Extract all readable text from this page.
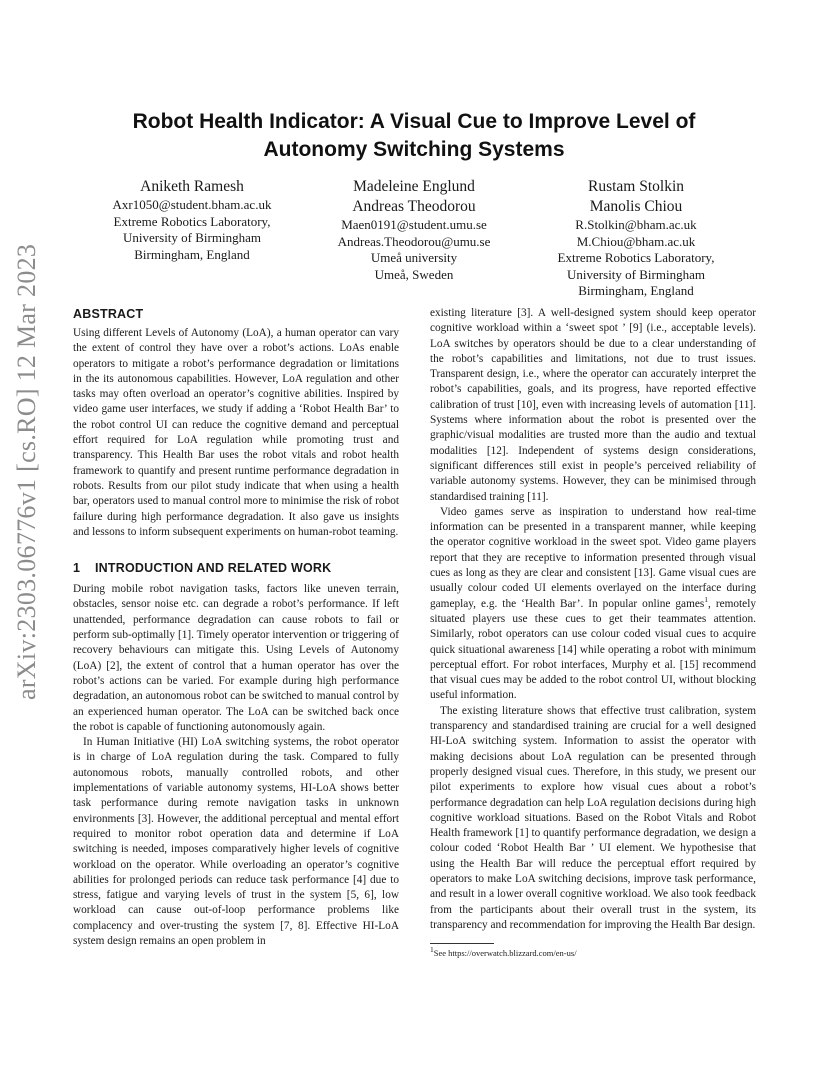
arXiv:2303.06776v1 [cs.RO] 12 Mar 2023
Robot Health Indicator: A Visual Cue to Improve Level of Autonomy Switching Systems
Aniketh Ramesh
Axr1050@student.bham.ac.uk
Extreme Robotics Laboratory,
University of Birmingham
Birmingham, England
Madeleine Englund
Andreas Theodorou
Maen0191@student.umu.se
Andreas.Theodorou@umu.se
Umeå university
Umeå, Sweden
Rustam Stolkin
Manolis Chiou
R.Stolkin@bham.ac.uk
M.Chiou@bham.ac.uk
Extreme Robotics Laboratory,
University of Birmingham
Birmingham, England
ABSTRACT

Using different Levels of Autonomy (LoA), a human operator can vary the extent of control they have over a robot’s actions. LoAs enable operators to mitigate a robot’s performance degradation or limitations in the its autonomous capabilities. However, LoA regulation and other tasks may often overload an operator’s cognitive abilities. Inspired by video game user interfaces, we study if adding a ‘Robot Health Bar’ to the robot control UI can reduce the cognitive demand and perceptual effort required for LoA regulation while promoting trust and transparency. This Health Bar uses the robot vitals and robot health framework to quantify and present runtime performance degradation in robots. Results from our pilot study indicate that when using a health bar, operators used to manual control more to minimise the risk of robot failure during high performance degradation. It also gave us insights and lessons to inform subsequent experiments on human-robot teaming.

1 INTRODUCTION AND RELATED WORK

During mobile robot navigation tasks, factors like uneven terrain, obstacles, sensor noise etc. can degrade a robot’s performance. If left unattended, performance degradation can cause robots to fail or perform sub-optimally [1]. Timely operator intervention or triggering of recovery behaviours can mitigate this. Using Levels of Autonomy (LoA) [2], the extent of control that a human operator has over the robot’s actions can be varied. For example during high performance degradation, an autonomous robot can be switched to manual control by an experienced human operator. The LoA can be switched back once the robot is capable of functioning autonomously again.

In Human Initiative (HI) LoA switching systems, the robot operator is in charge of LoA regulation during the task. Compared to fully autonomous robots, manually controlled robots, and other implementations of variable autonomy systems, HI-LoA shows better task performance during remote navigation tasks in unknown environments [3]. However, the additional perceptual and mental effort required to monitor robot operation data and determine if LoA switching is needed, imposes comparatively higher levels of cognitive workload on the operator. While overloading an operator’s cognitive abilities for prolonged periods can reduce task performance [4] due to stress, fatigue and varying levels of trust in the system [5, 6], low workload can cause out-of-loop performance problems like complacency and over-trusting the system [7, 8]. Effective HI-LoA system design remains an open problem in

existing literature [3]. A well-designed system should keep operator cognitive workload within a ‘sweet spot ’ [9] (i.e., acceptable levels). LoA switches by operators should be due to a clear understanding of the robot’s capabilities and limitations, not due to trust issues. Transparent design, i.e., where the operator can accurately interpret the robot’s capabilities, goals, and its progress, have reported effective calibration of trust [10], even with increasing levels of automation [11]. Systems where information about the robot is presented over the graphic/visual modalities are trusted more than the audio and textual modalities [12]. Independent of systems design considerations, significant differences still exist in people’s perceived reliability of variable autonomy systems. However, they can be minimised through standardised training [11].

Video games serve as inspiration to understand how real-time information can be presented in a transparent manner, while keeping the operator cognitive workload in the sweet spot. Video game players report that they are receptive to information presented through visual cues as long as they are clear and consistent [13]. Game visual cues are usually colour coded UI elements overlayed on the interface during gameplay, e.g. the ‘Health Bar’. In popular online games$^1$, remotely situated players use these cues to get their teammates attention. Similarly, robot operators can use colour coded visual cues to acquire quick situational awareness [14] while operating a robot with minimum perceptual effort. For robot interfaces, Murphy et al. [15] recommend that visual cues may be added to the robot control UI, without blocking useful information.

The existing literature shows that effective trust calibration, system transparency and standardised training are crucial for a well designed HI-LoA switching system. Information to assist the operator with making decisions about LoA regulation can be presented through properly designed visual cues. Therefore, in this study, we present our pilot experiments to explore how visual cues about a robot’s performance degradation can help LoA regulation decisions during high cognitive workload situations. Based on the Robot Vitals and Robot Health framework [1] to quantify performance degradation, we design a colour coded ‘Robot Health Bar ’ UI element. We hypothesise that using the Health Bar will reduce the perceptual effort required by operators to make LoA switching decisions, improve task performance, and result in a lower overall cognitive workload. We also took feedback from the participants about their overall trust in the system, its transparency and recommendation for improving the Health Bar design.

$^1$See https://overwatch.blizzard.com/en-us/
